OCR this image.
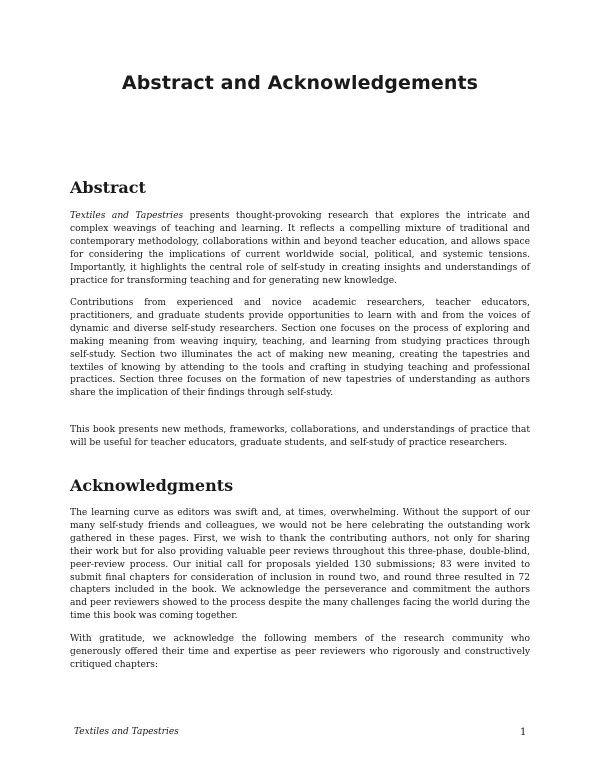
Abstract and Acknowledgements
Abstract

Textiles and Tapestries presents thought-provoking research that explores the intricate and complex weavings of teaching and learning. It reflects a compelling mixture of traditional and contemporary methodology, collaborations within and beyond teacher education, and allows space for considering the implications of current worldwide social, political, and systemic tensions. Importantly, it highlights the central role of self-study in creating insights and understandings of practice for transforming teaching and for generating new knowledge.

Contributions from experienced and novice academic researchers, teacher educators, practitioners, and graduate students provide opportunities to learn with and from the voices of dynamic and diverse self-study researchers. Section one focuses on the process of exploring and making meaning from weaving inquiry, teaching, and learning from studying practices through self-study. Section two illuminates the act of making new meaning, creating the tapestries and textiles of knowing by attending to the tools and crafting in studying teaching and professional practices. Section three focuses on the formation of new tapestries of understanding as authors share the implication of their findings through self-study.

This book presents new methods, frameworks, collaborations, and understandings of practice that will be useful for teacher educators, graduate students, and self-study of practice researchers.

Acknowledgments

The learning curve as editors was swift and, at times, overwhelming. Without the support of our many self-study friends and colleagues, we would not be here celebrating the outstanding work gathered in these pages. First, we wish to thank the contributing authors, not only for sharing their work but for also providing valuable peer reviews throughout this three-phase, double-blind, peer-review process. Our initial call for proposals yielded 130 submissions; 83 were invited to submit final chapters for consideration of inclusion in round two, and round three resulted in 72 chapters included in the book. We acknowledge the perseverance and commitment the authors and peer reviewers showed to the process despite the many challenges facing the world during the time this book was coming together.

With gratitude, we acknowledge the following members of the research community who generously offered their time and expertise as peer reviewers who rigorously and constructively critiqued chapters:

Textiles and Tapestries	1
